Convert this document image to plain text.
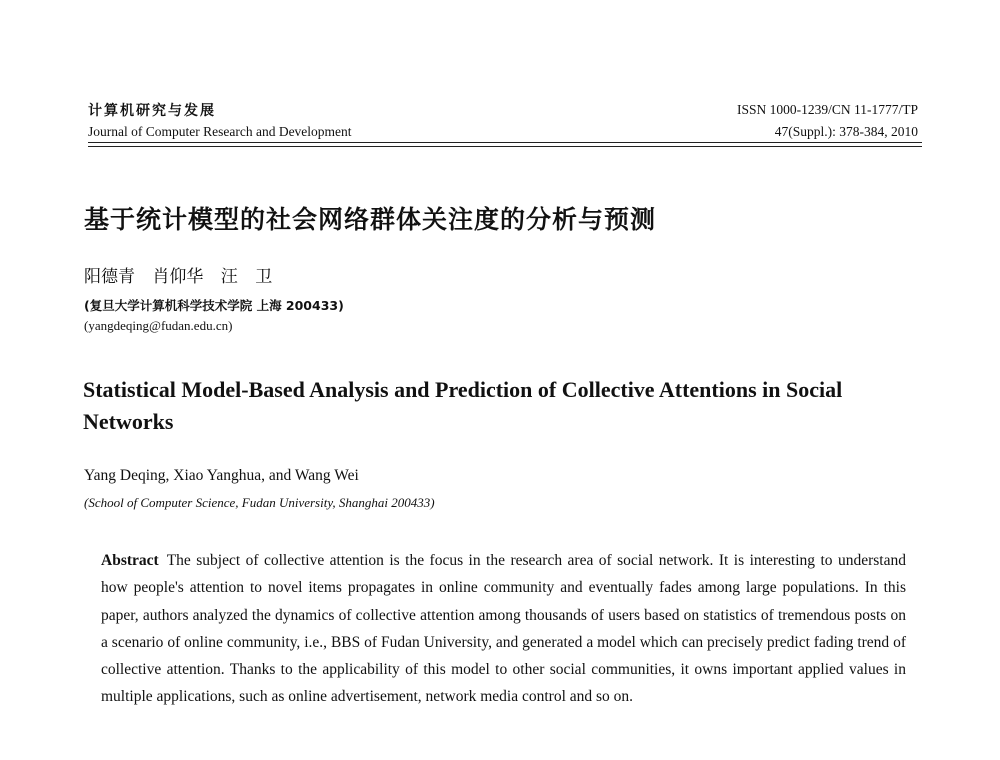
计算机研究与发展
Journal of Computer Research and Development
ISSN 1000-1239/CN 11-1777/TP
47(Suppl.): 378-384, 2010
基于统计模型的社会网络群体关注度的分析与预测
阳德青 肖仰华 汪 卫
(复旦大学计算机科学技术学院 上海 200433)
(yangdeqing@fudan.edu.cn)
Statistical Model-Based Analysis and Prediction of Collective Attentions in Social Networks
Yang Deqing, Xiao Yanghua, and Wang Wei
(School of Computer Science, Fudan University, Shanghai 200433)
Abstract The subject of collective attention is the focus in the research area of social network. It is interesting to understand how people's attention to novel items propagates in online community and eventually fades among large populations. In this paper, authors analyzed the dynamics of collective attention among thousands of users based on statistics of tremendous posts on a scenario of online community, i.e., BBS of Fudan University, and generated a model which can precisely predict fading trend of collective attention. Thanks to the applicability of this model to other social communities, it owns important applied values in multiple applications, such as online advertisement, network media control and so on.
